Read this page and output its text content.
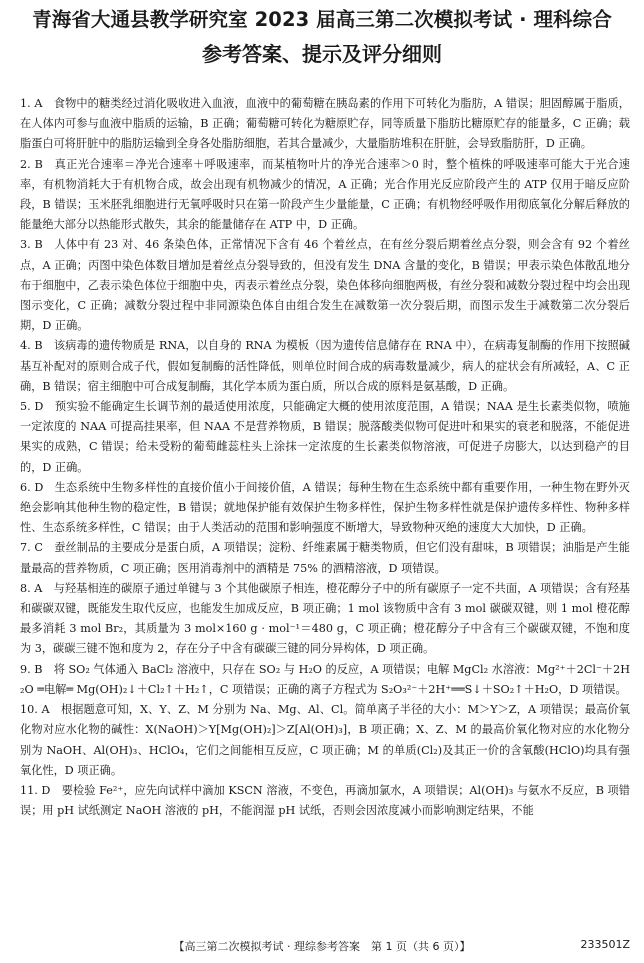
青海省大通县教学研究室 2023 届高三第二次模拟考试 · 理科综合
参考答案、提示及评分细则

1. A　食物中的糖类经过消化吸收进入血液，血液中的葡萄糖在胰岛素的作用下可转化为脂肪，A 错误；胆固醇属于脂质，在人体内可参与血液中脂质的运输，B 正确；葡萄糖可转化为糖原贮存，同等质量下脂肪比糖原贮存的能量多，C 正确；载脂蛋白可将肝脏中的脂肪运输到全身各处脂肪细胞，若其合量减少，大量脂肪堆积在肝脏，会导致脂肪肝，D 正确。

2. B　真正光合速率＝净光合速率＋呼吸速率，而某植物叶片的净光合速率＞0 时，整个植株的呼吸速率可能大于光合速率，有机物消耗大于有机物合成，故会出现有机物减少的情况，A 正确；光合作用光反应阶段产生的 ATP 仅用于暗反应阶段，B 错误；玉米胚乳细胞进行无氧呼吸时只在第一阶段产生少量能量，C 正确；有机物经呼吸作用彻底氧化分解后释放的能量绝大部分以热能形式散失，其余的能量储存在 ATP 中，D 正确。

3. B　人体中有 23 对、46 条染色体，正常情况下含有 46 个着丝点，在有丝分裂后期着丝点分裂，则会含有 92 个着丝点，A 正确；丙图中染色体数目增加是着丝点分裂导致的，但没有发生 DNA 含量的变化，B 错误；甲表示染色体散乱地分布于细胞中，乙表示染色体位于细胞中央，丙表示着丝点分裂，染色体移向细胞两极，有丝分裂和减数分裂过程中均会出现图示变化，C 正确；减数分裂过程中非同源染色体自由组合发生在减数第一次分裂后期，而图示发生于减数第二次分裂后期，D 正确。

4. B　该病毒的遗传物质是 RNA，以自身的 RNA 为模板（因为遗传信息储存在 RNA 中），在病毒复制酶的作用下按照碱基互补配对的原则合成子代，假如复制酶的活性降低，则单位时间合成的病毒数量减少，病人的症状会有所减轻，A、C 正确，B 错误；宿主细胞中可合成复制酶，其化学本质为蛋白质，所以合成的原料是氨基酸，D 正确。

5. D　预实验不能确定生长调节剂的最适使用浓度，只能确定大概的使用浓度范围，A 错误；NAA 是生长素类似物，喷施一定浓度的 NAA 可提高挂果率，但 NAA 不是营养物质，B 错误；脱落酸类似物可促进叶和果实的衰老和脱落，不能促进果实的成熟，C 错误；给未受粉的葡萄雌蕊柱头上涂抹一定浓度的生长素类似物溶液，可促进子房膨大，以达到稳产的目的，D 正确。

6. D　生态系统中生物多样性的直接价值小于间接价值，A 错误；每种生物在生态系统中都有重要作用，一种生物在野外灭绝会影响其他种生物的稳定性，B 错误；就地保护能有效保护生物多样性，保护生物多样性就是保护遗传多样性、物种多样性、生态系统多样性，C 错误；由于人类活动的范围和影响强度不断增大，导致物种灭绝的速度大大加快，D 正确。

7. C　蚕丝制品的主要成分是蛋白质，A 项错误；淀粉、纤维素属于糖类物质，但它们没有甜味，B 项错误；油脂是产生能量最高的营养物质，C 项正确；医用消毒剂中的酒精是 75% 的酒精溶液，D 项错误。

8. A　与羟基相连的碳原子通过单键与 3 个其他碳原子相连，橙花醇分子中的所有碳原子一定不共面，A 项错误；含有羟基和碳碳双键，既能发生取代反应，也能发生加成反应，B 项正确；1 mol 该物质中含有 3 mol 碳碳双键，则 1 mol 橙花醇最多消耗 3 mol Br₂，其质量为 3 mol×160 g · mol⁻¹＝480 g，C 项正确；橙花醇分子中含有三个碳碳双键，不饱和度为 3，碳碳三键不饱和度为 2，存在分子中含有碳碳三键的同分异构体，D 项正确。

9. B　将 SO₂ 气体通入 BaCl₂ 溶液中，只存在 SO₂ 与 H₂O 的反应，A 项错误；电解 MgCl₂ 水溶液：Mg²⁺＋2Cl⁻＋2H₂O ═电解═ Mg(OH)₂↓＋Cl₂↑＋H₂↑，C 项错误；正确的离子方程式为 S₂O₃²⁻＋2H⁺══S↓＋SO₂↑＋H₂O，D 项错误。

10. A　根据题意可知，X、Y、Z、M 分别为 Na、Mg、Al、Cl。简单离子半径的大小：M＞Y＞Z，A 项错误；最高价氧化物对应水化物的碱性：X(NaOH)＞Y[Mg(OH)₂]＞Z[Al(OH)₃]，B 项正确；X、Z、M 的最高价氧化物对应的水化物分别为 NaOH、Al(OH)₃、HClO₄，它们之间能相互反应，C 项正确；M 的单质(Cl₂)及其正一价的含氧酸(HClO)均具有强氧化性，D 项正确。

11. D　要检验 Fe²⁺，应先向试样中滴加 KSCN 溶液，不变色，再滴加氯水，A 项错误；Al(OH)₃ 与氨水不反应，B 项错误；用 pH 试纸测定 NaOH 溶液的 pH，不能润湿 pH 试纸，否则会因浓度减小而影响测定结果，不能

【高三第二次模拟考试 · 理综参考答案　第 1 页（共 6 页）】	233501Z
